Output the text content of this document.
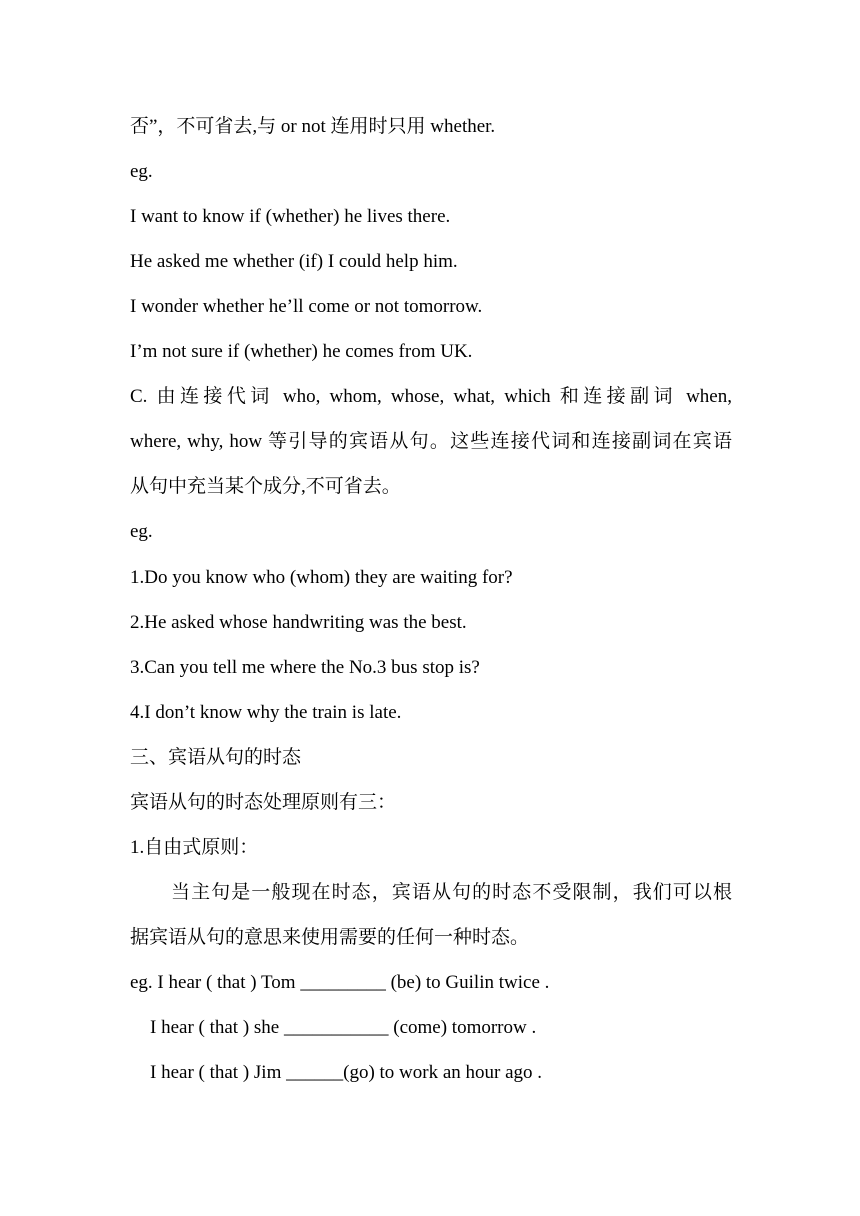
否”，不可省去,与 or not 连用时只用 whether.
eg.
I want to know if (whether) he lives there.
He asked me whether (if) I could help him.
I wonder whether he’ll come or not tomorrow.
I’m not sure if (whether) he comes from UK.
C. 由连接代词 who, whom, whose, what, which 和连接副词 when,
where, why, how 等引导的宾语从句。这些连接代词和连接副词在宾语
从句中充当某个成分,不可省去。
eg.
1.Do you know who (whom) they are waiting for?
2.He asked whose handwriting was the best.
3.Can you tell me where the No.3 bus stop is?
4.I don’t know why the train is late.
三、宾语从句的时态
宾语从句的时态处理原则有三：
1.自由式原则：
当主句是一般现在时态，宾语从句的时态不受限制，我们可以根
据宾语从句的意思来使用需要的任何一种时态。
eg. I hear ( that ) Tom _________ (be) to Guilin twice .
I hear ( that ) she ___________ (come) tomorrow .
I hear ( that ) Jim ______(go) to work an hour ago .
